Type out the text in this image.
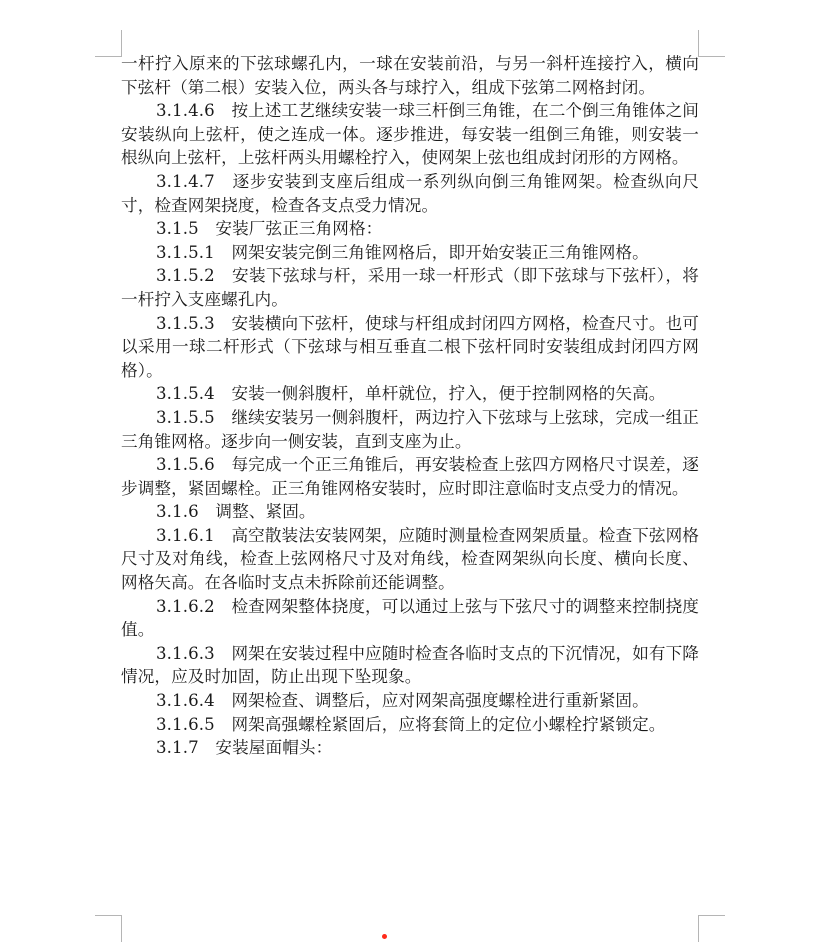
一杆拧入原来的下弦球螺孔内，一球在安装前沿，与另一斜杆连接拧入，横向下弦杆（第二根）安装入位，两头各与球拧入，组成下弦第二网格封闭。

3.1.4.6　按上述工艺继续安装一球三杆倒三角锥，在二个倒三角锥体之间安装纵向上弦杆，使之连成一体。逐步推进，每安装一组倒三角锥，则安装一根纵向上弦杆，上弦杆两头用螺栓拧入，使网架上弦也组成封闭形的方网格。

3.1.4.7　逐步安装到支座后组成一系列纵向倒三角锥网架。检查纵向尺寸，检查网架挠度，检查各支点受力情况。

3.1.5　安装厂弦正三角网格：

3.1.5.1　网架安装完倒三角锥网格后，即开始安装正三角锥网格。

3.1.5.2　安装下弦球与杆，采用一球一杆形式（即下弦球与下弦杆），将一杆拧入支座螺孔内。

3.1.5.3　安装横向下弦杆，使球与杆组成封闭四方网格，检查尺寸。也可以采用一球二杆形式（下弦球与相互垂直二根下弦杆同时安装组成封闭四方网格）。

3.1.5.4　安装一侧斜腹杆，单杆就位，拧入，便于控制网格的矢高。

3.1.5.5　继续安装另一侧斜腹杆，两边拧入下弦球与上弦球，完成一组正三角锥网格。逐步向一侧安装，直到支座为止。

3.1.5.6　每完成一个正三角锥后，再安装检查上弦四方网格尺寸误差，逐步调整，紧固螺栓。正三角锥网格安装时，应时即注意临时支点受力的情况。

3.1.6　调整、紧固。

3.1.6.1　高空散装法安装网架，应随时测量检查网架质量。检查下弦网格尺寸及对角线，检查上弦网格尺寸及对角线，检查网架纵向长度、横向长度、网格矢高。在各临时支点未拆除前还能调整。

3.1.6.2　检查网架整体挠度，可以通过上弦与下弦尺寸的调整来控制挠度值。

3.1.6.3　网架在安装过程中应随时检查各临时支点的下沉情况，如有下降情况，应及时加固，防止出现下坠现象。

3.1.6.4　网架检查、调整后，应对网架高强度螺栓进行重新紧固。

3.1.6.5　网架高强螺栓紧固后，应将套筒上的定位小螺栓拧紧锁定。

3.1.7　安装屋面帽头：
